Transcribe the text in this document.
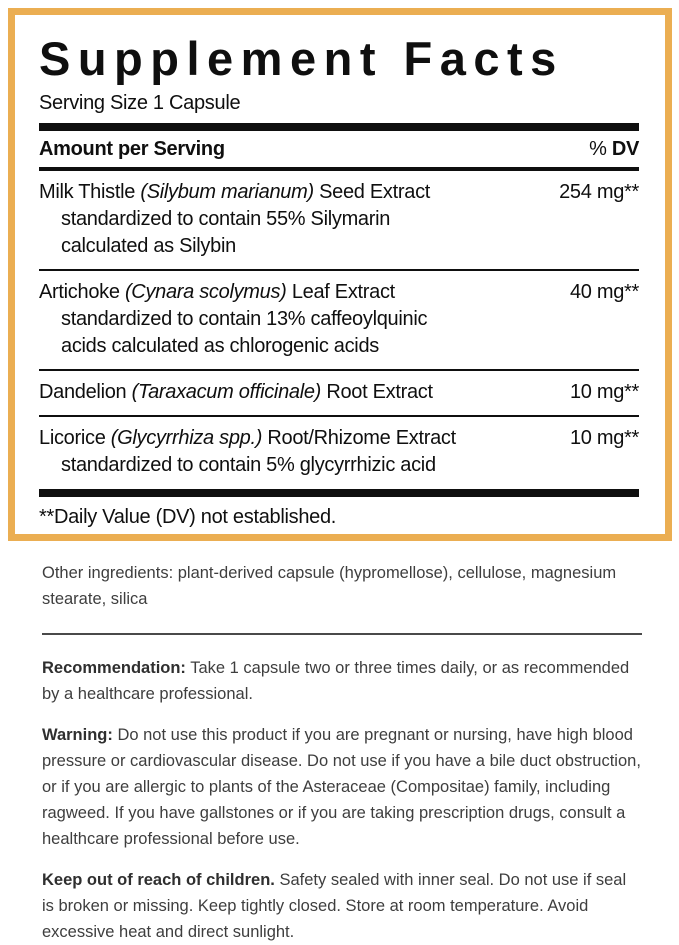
Supplement Facts
Serving Size 1 Capsule
Amount per Serving	% DV
Milk Thistle (Silybum marianum) Seed Extract	254 mg**
standardized to contain 55% Silymarin
calculated as Silybin
Artichoke (Cynara scolymus) Leaf Extract	40 mg**
standardized to contain 13% caffeoylquinic
acids calculated as chlorogenic acids
Dandelion (Taraxacum officinale) Root Extract	10 mg**
Licorice (Glycyrrhiza spp.) Root/Rhizome Extract	10 mg**
standardized to contain 5% glycyrrhizic acid
**Daily Value (DV) not established.

Other ingredients: plant-derived capsule (hypromellose), cellulose, magnesium stearate, silica

Recommendation: Take 1 capsule two or three times daily, or as recommended by a healthcare professional.

Warning: Do not use this product if you are pregnant or nursing, have high blood pressure or cardiovascular disease. Do not use if you have a bile duct obstruction, or if you are allergic to plants of the Asteraceae (Compositae) family, including ragweed. If you have gallstones or if you are taking prescription drugs, consult a healthcare professional before use.

Keep out of reach of children. Safety sealed with inner seal. Do not use if seal is broken or missing. Keep tightly closed. Store at room temperature. Avoid excessive heat and direct sunlight.
